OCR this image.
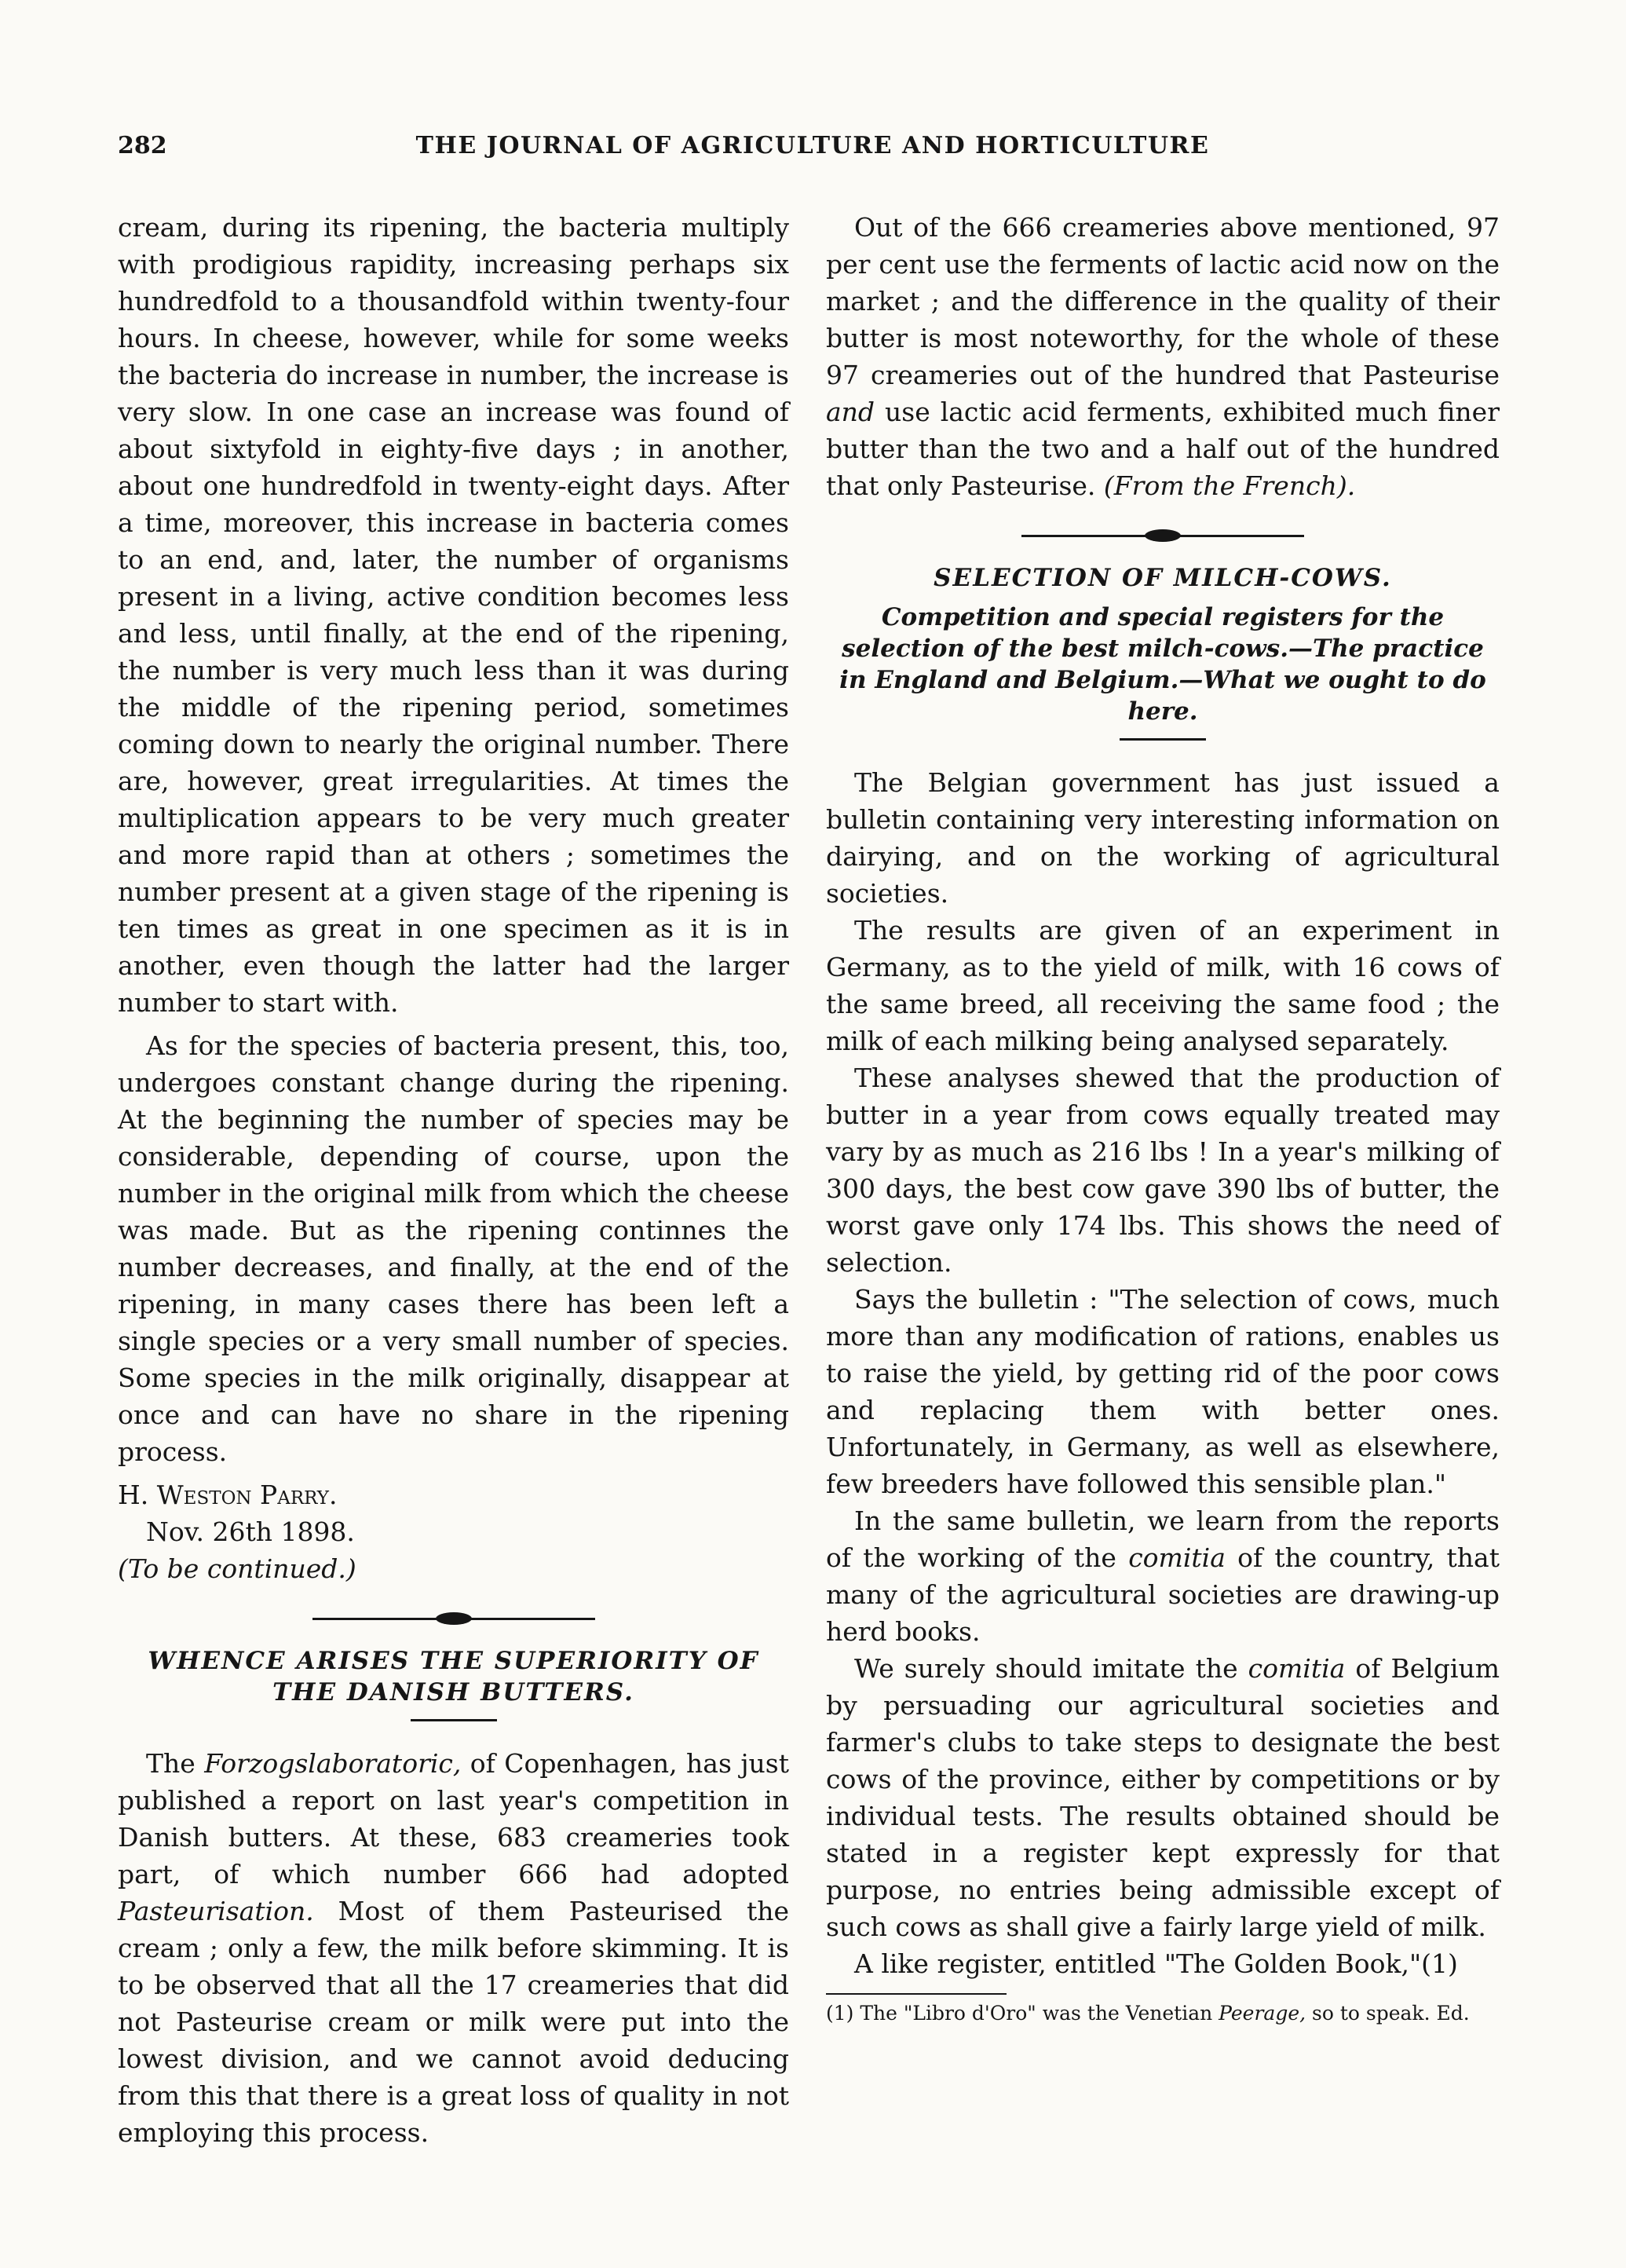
282	THE JOURNAL OF AGRICULTURE AND HORTICULTURE

cream, during its ripening, the bacteria multiply with prodigious rapidity, increasing perhaps six hundredfold to a thousandfold within twenty-four hours. In cheese, however, while for some weeks the bacteria do increase in number, the increase is very slow. In one case an increase was found of about sixtyfold in eighty-five days ; in another, about one hundredfold in twenty-eight days. After a time, moreover, this increase in bacteria comes to an end, and, later, the number of organisms present in a living, active condition becomes less and less, until finally, at the end of the ripening, the number is very much less than it was during the middle of the ripening period, sometimes coming down to nearly the original number. There are, however, great irregularities. At times the multiplication appears to be very much greater and more rapid than at others ; sometimes the number present at a given stage of the ripening is ten times as great in one specimen as it is in another, even though the latter had the larger number to start with.

As for the species of bacteria present, this, too, undergoes constant change during the ripening. At the beginning the number of species may be considerable, depending of course, upon the number in the original milk from which the cheese was made. But as the ripening continnes the number decreases, and finally, at the end of the ripening, in many cases there has been left a single species or a very small number of species. Some species in the milk originally, disappear at once and can have no share in the ripening process.

H. Weston Parry.

Nov. 26th 1898.

(To be continued.)

WHENCE ARISES THE SUPERIORITY OF THE DANISH BUTTERS.

The Forzogslaboratoric, of Copenhagen, has just published a report on last year's competition in Danish butters. At these, 683 creameries took part, of which number 666 had adopted Pasteurisation. Most of them Pasteurised the cream ; only a few, the milk before skimming. It is to be observed that all the 17 creameries that did not Pasteurise cream or milk were put into the lowest division, and we cannot avoid deducing from this that there is a great loss of quality in not employing this process.

Out of the 666 creameries above mentioned, 97 per cent use the ferments of lactic acid now on the market ; and the difference in the quality of their butter is most noteworthy, for the whole of these 97 creameries out of the hundred that Pasteurise and use lactic acid ferments, exhibited much finer butter than the two and a half out of the hundred that only Pasteurise. (From the French).

SELECTION OF MILCH-COWS.
Competition and special registers for the selection of the best milch-cows.—The practice in England and Belgium.—What we ought to do here.

The Belgian government has just issued a bulletin containing very interesting information on dairying, and on the working of agricultural societies.

The results are given of an experiment in Germany, as to the yield of milk, with 16 cows of the same breed, all receiving the same food ; the milk of each milking being analysed separately.

These analyses shewed that the production of butter in a year from cows equally treated may vary by as much as 216 lbs ! In a year's milking of 300 days, the best cow gave 390 lbs of butter, the worst gave only 174 lbs. This shows the need of selection.

Says the bulletin : "The selection of cows, much more than any modification of rations, enables us to raise the yield, by getting rid of the poor cows and replacing them with better ones. Unfortunately, in Germany, as well as elsewhere, few breeders have followed this sensible plan."

In the same bulletin, we learn from the reports of the working of the comitia of the country, that many of the agricultural societies are drawing-up herd books.

We surely should imitate the comitia of Belgium by persuading our agricultural societies and farmer's clubs to take steps to designate the best cows of the province, either by competitions or by individual tests. The results obtained should be stated in a register kept expressly for that purpose, no entries being admissible except of such cows as shall give a fairly large yield of milk.

A like register, entitled "The Golden Book,"(1)

(1) The "Libro d'Oro" was the Venetian Peerage, so to speak. Ed.
